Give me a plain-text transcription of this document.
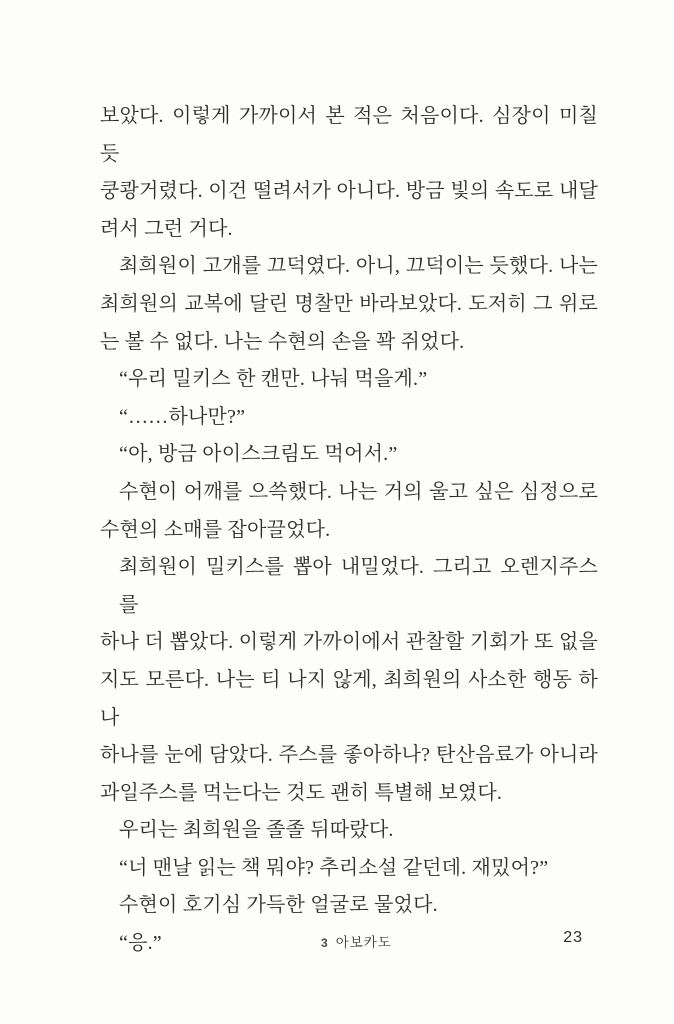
보았다. 이렇게 가까이서 본 적은 처음이다. 심장이 미칠 듯
쿵쾅거렸다. 이건 떨려서가 아니다. 방금 빛의 속도로 내달
려서 그런 거다.
최희원이 고개를 끄덕였다. 아니, 끄덕이는 듯했다. 나는
최희원의 교복에 달린 명찰만 바라보았다. 도저히 그 위로
는 볼 수 없다. 나는 수현의 손을 꽉 쥐었다.
“우리 밀키스 한 캔만. 나눠 먹을게.”
“……하나만?”
“아, 방금 아이스크림도 먹어서.”
수현이 어깨를 으쓱했다. 나는 거의 울고 싶은 심정으로
수현의 소매를 잡아끌었다.
최희원이 밀키스를 뽑아 내밀었다. 그리고 오렌지주스를
하나 더 뽑았다. 이렇게 가까이에서 관찰할 기회가 또 없을
지도 모른다. 나는 티 나지 않게, 최희원의 사소한 행동 하나
하나를 눈에 담았다. 주스를 좋아하나? 탄산음료가 아니라
과일주스를 먹는다는 것도 괜히 특별해 보였다.
우리는 최희원을 졸졸 뒤따랐다.
“너 맨날 읽는 책 뭐야? 추리소설 같던데. 재밌어?”
수현이 호기심 가득한 얼굴로 물었다.
“응.”	3 아보카도	23
